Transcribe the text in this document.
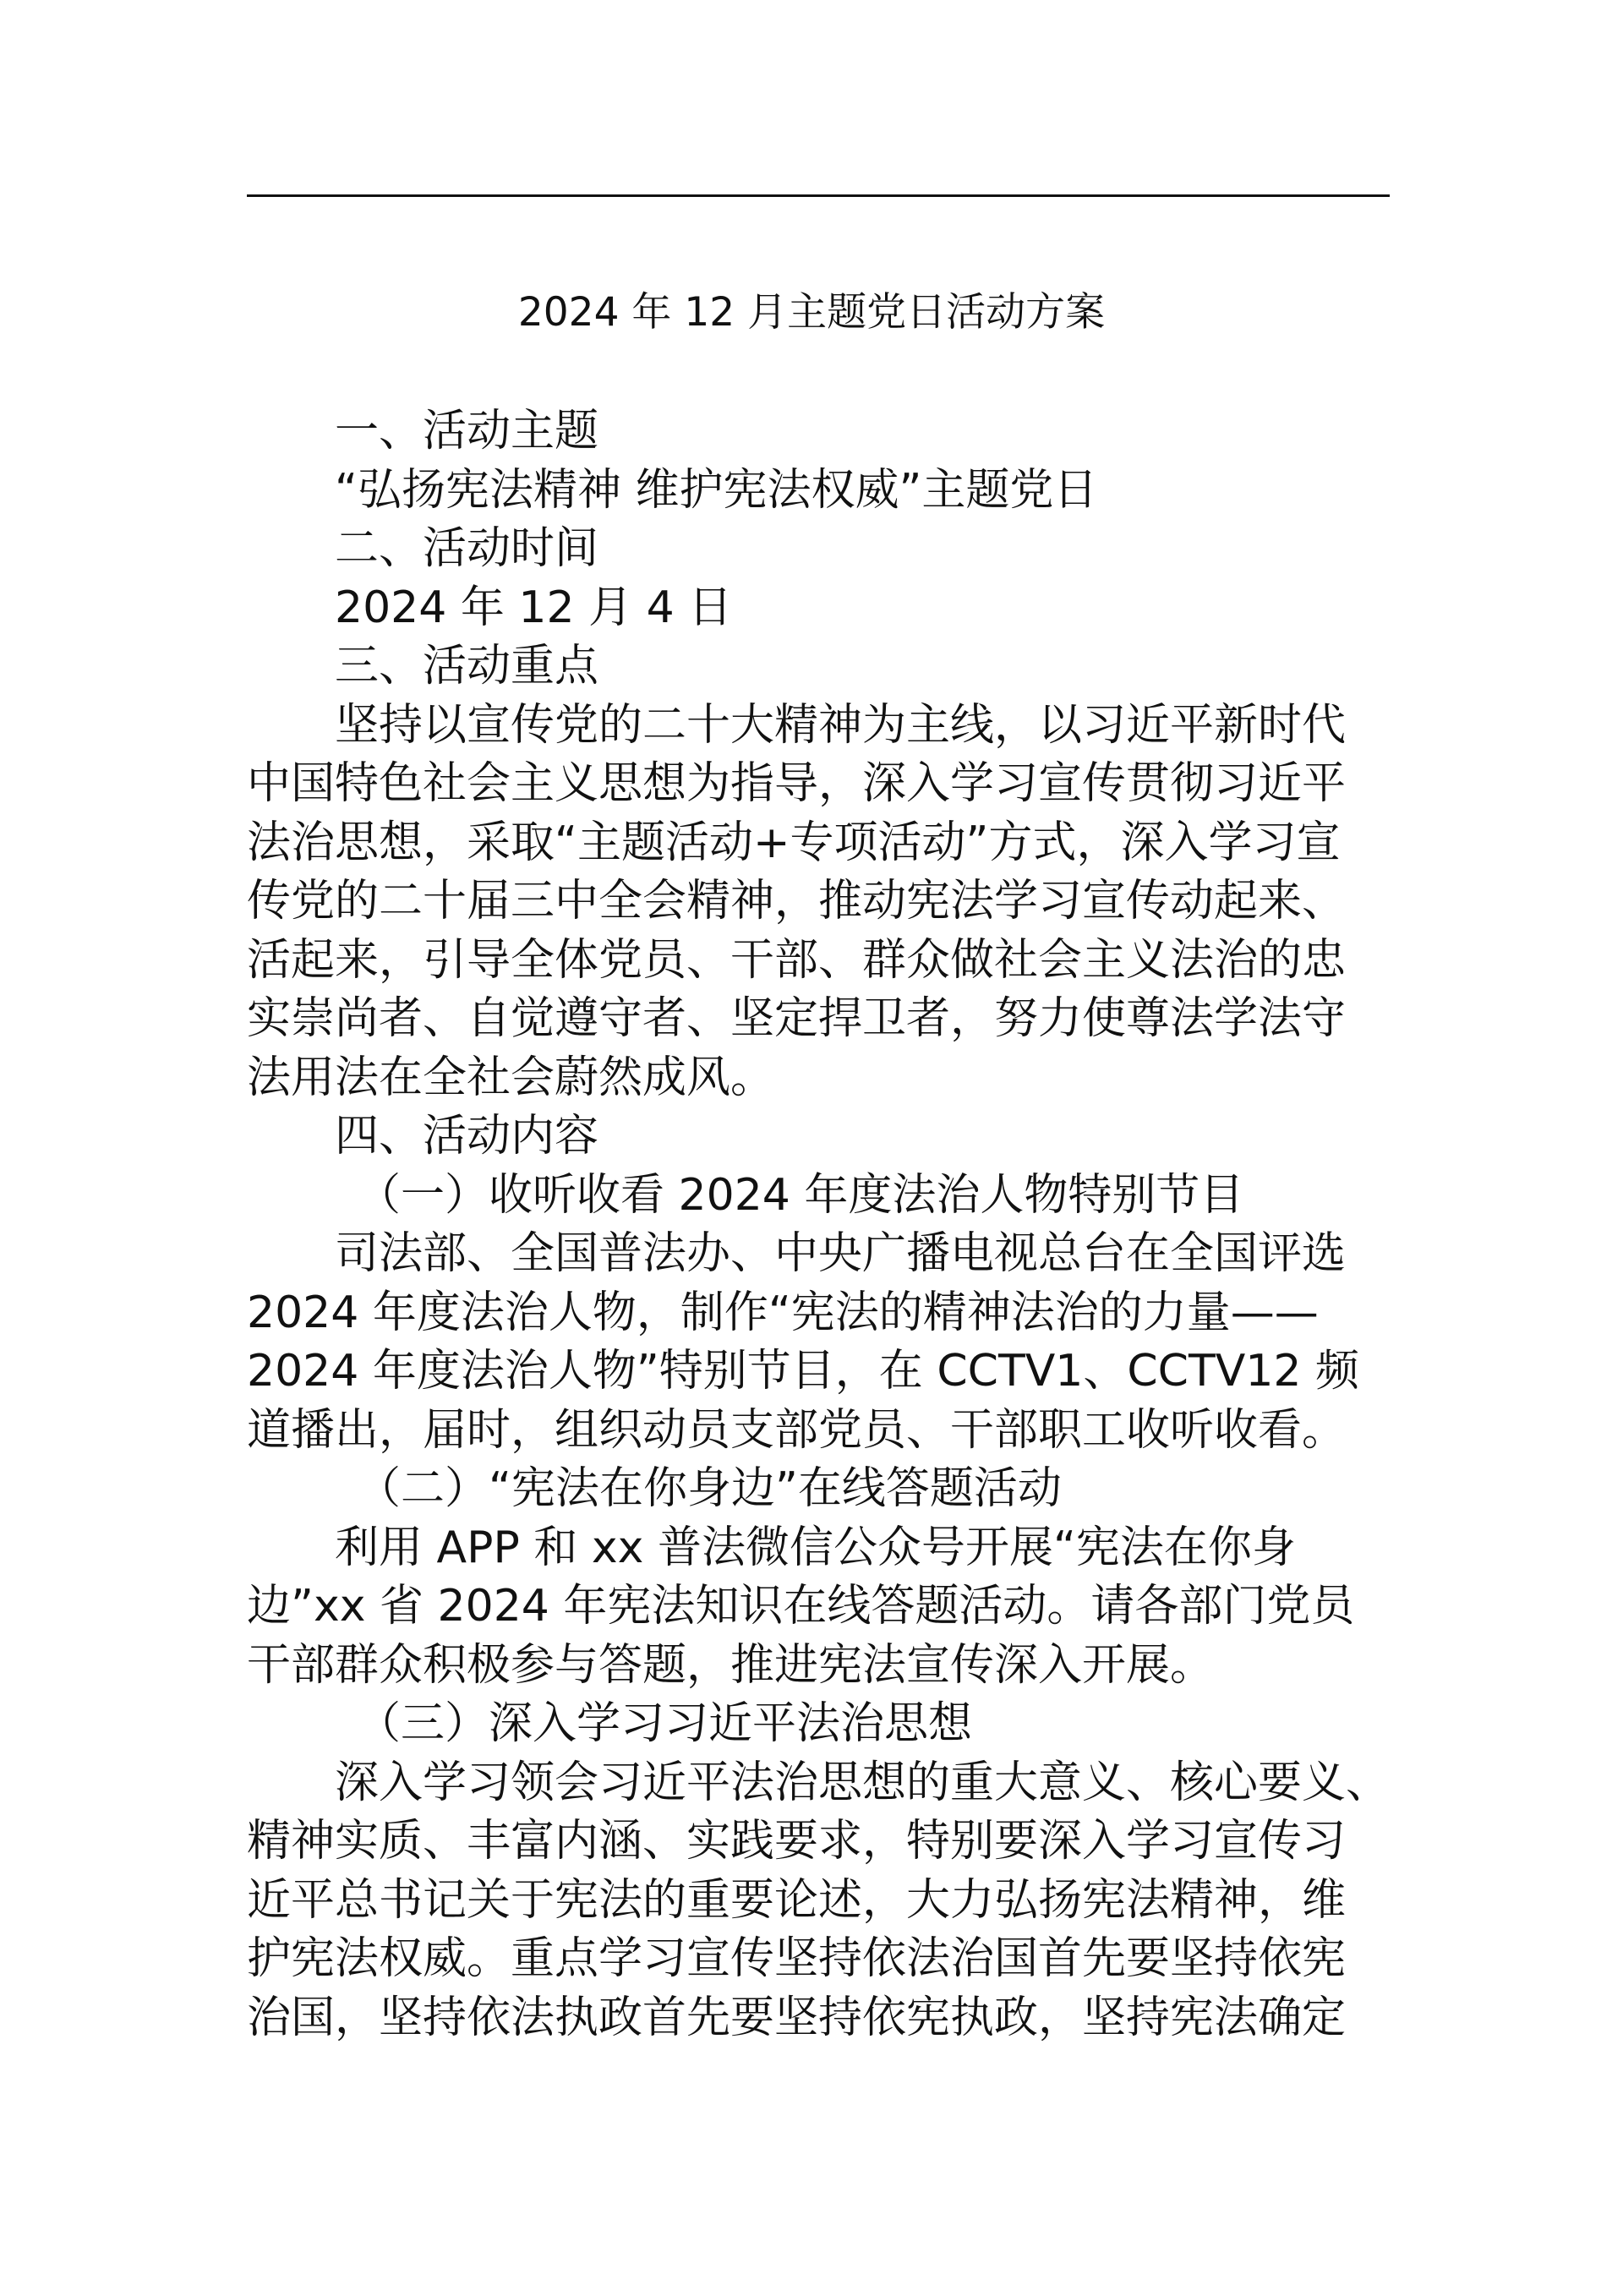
2024 年 12 月主题党日活动方案

一、活动主题

“弘扬宪法精神 维护宪法权威”主题党日

二、活动时间

2024 年 12 月 4 日

三、活动重点

坚持以宣传党的二十大精神为主线，以习近平新时代

中国特色社会主义思想为指导，深入学习宣传贯彻习近平

法治思想，采取“主题活动+专项活动”方式，深入学习宣

传党的二十届三中全会精神，推动宪法学习宣传动起来、

活起来，引导全体党员、干部、群众做社会主义法治的忠

实崇尚者、自觉遵守者、坚定捍卫者，努力使尊法学法守

法用法在全社会蔚然成风。

四、活动内容

（一）收听收看 2024 年度法治人物特别节目

司法部、全国普法办、中央广播电视总台在全国评选

2024 年度法治人物，制作“宪法的精神法治的力量——

2024 年度法治人物”特别节目，在 CCTV1、CCTV12 频

道播出，届时，组织动员支部党员、干部职工收听收看。

（二）“宪法在你身边”在线答题活动

利用 APP 和 xx 普法微信公众号开展“宪法在你身

边”xx 省 2024 年宪法知识在线答题活动。请各部门党员

干部群众积极参与答题，推进宪法宣传深入开展。

（三）深入学习习近平法治思想

深入学习领会习近平法治思想的重大意义、核心要义、

精神实质、丰富内涵、实践要求，特别要深入学习宣传习

近平总书记关于宪法的重要论述，大力弘扬宪法精神，维

护宪法权威。重点学习宣传坚持依法治国首先要坚持依宪

治国，坚持依法执政首先要坚持依宪执政，坚持宪法确定
